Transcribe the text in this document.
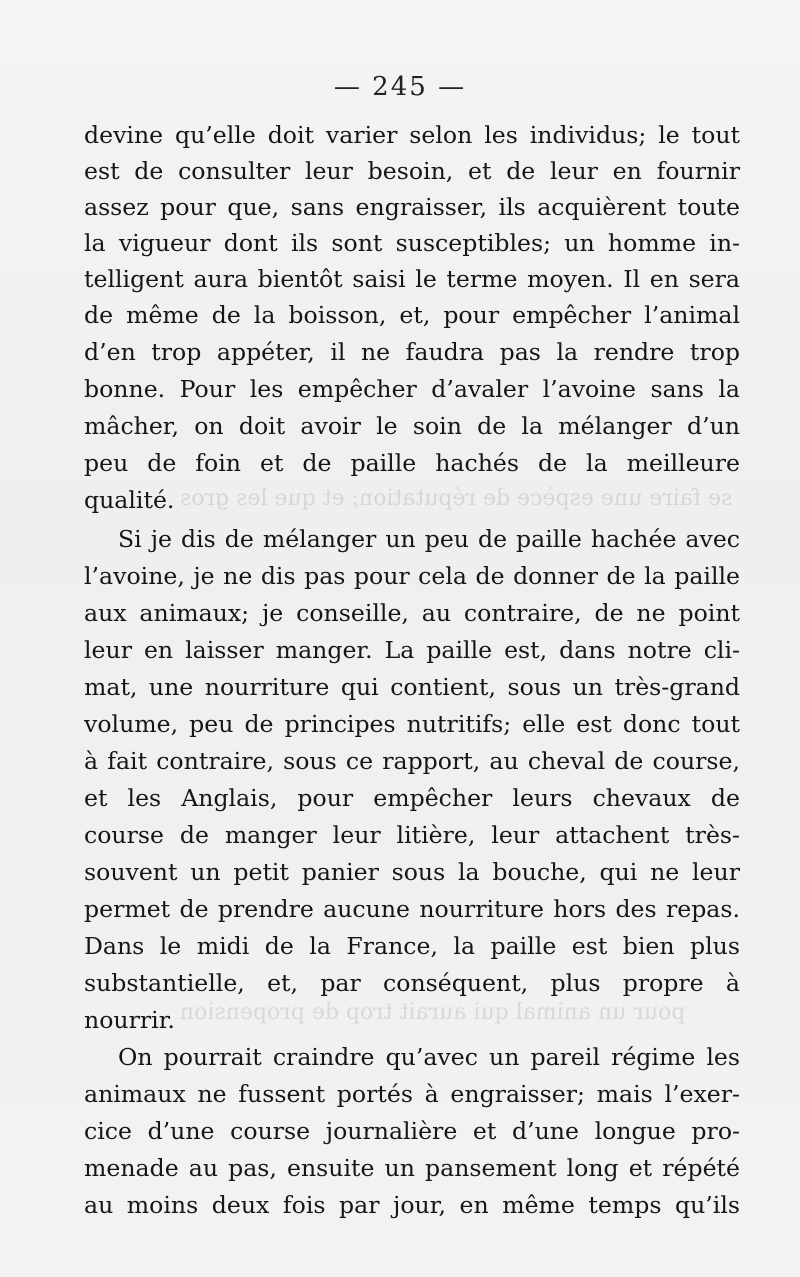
se faire une espèce de réputation; et que les gros
pour un animal qui aurait trop de propension
— 245 —
devine qu’elle doit varier selon les individus; le tout
est de consulter leur besoin, et de leur en fournir
assez pour que, sans engraisser, ils acquièrent toute
la vigueur dont ils sont susceptibles; un homme in-
telligent aura bientôt saisi le terme moyen. Il en sera
de même de la boisson, et, pour empêcher l’animal
d’en trop appéter, il ne faudra pas la rendre trop
bonne. Pour les empêcher d’avaler l’avoine sans la
mâcher, on doit avoir le soin de la mélanger d’un
peu de foin et de paille hachés de la meilleure
qualité.
Si je dis de mélanger un peu de paille hachée avec
l’avoine, je ne dis pas pour cela de donner de la paille
aux animaux; je conseille, au contraire, de ne point
leur en laisser manger. La paille est, dans notre cli-
mat, une nourriture qui contient, sous un très-grand
volume, peu de principes nutritifs; elle est donc tout
à fait contraire, sous ce rapport, au cheval de course,
et les Anglais, pour empêcher leurs chevaux de
course de manger leur litière, leur attachent très-
souvent un petit panier sous la bouche, qui ne leur
permet de prendre aucune nourriture hors des repas.
Dans le midi de la France, la paille est bien plus
substantielle, et, par conséquent, plus propre à
nourrir.
On pourrait craindre qu’avec un pareil régime les
animaux ne fussent portés à engraisser; mais l’exer-
cice d’une course journalière et d’une longue pro-
menade au pas, ensuite un pansement long et répété
au moins deux fois par jour, en même temps qu’ils
